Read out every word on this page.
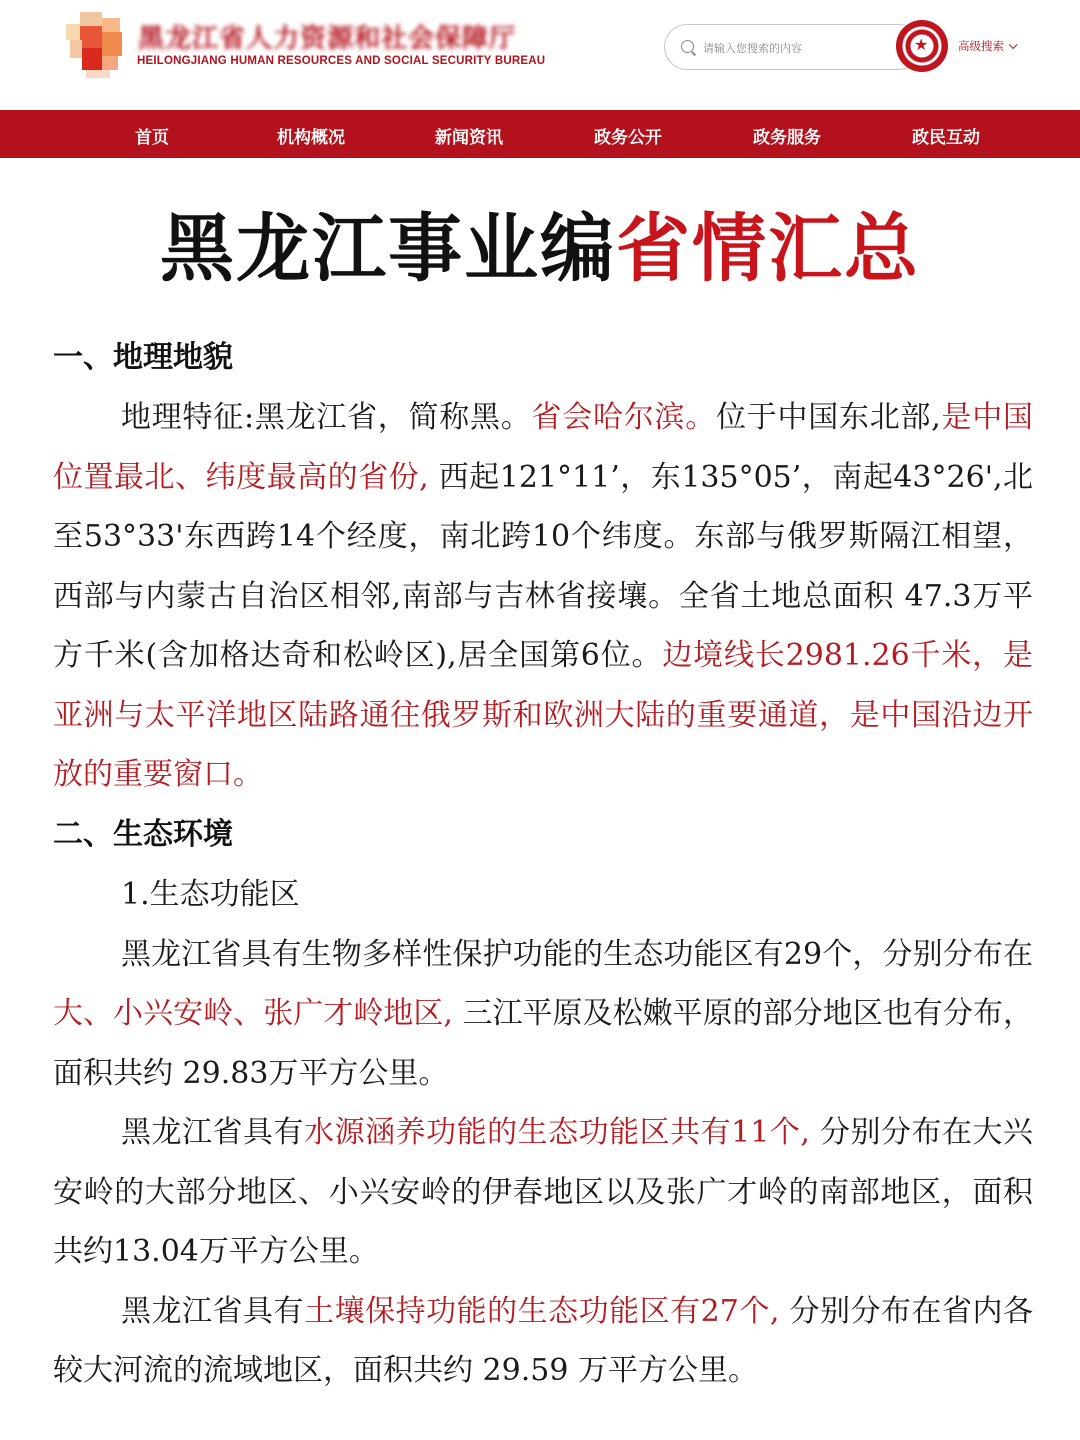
黑龙江省人力资源和社会保障厅
HEILONGJIANG HUMAN RESOURCES AND SOCIAL SECURITY BUREAU
请输入您搜索的内容
★	高级搜索
首页	机构概况	新闻资讯	政务公开	政务服务	政民互动
黑龙江事业编省情汇总
一、地理地貌

地理特征:黑龙江省，简称黑。省会哈尔滨。位于中国东北部,是中国位置最北、纬度最高的省份, 西起121°11’，东135°05’，南起43°26',北至53°33'东西跨14个经度，南北跨10个纬度。东部与俄罗斯隔江相望，西部与内蒙古自治区相邻,南部与吉林省接壤。全省土地总面积 47.3万平方千米(含加格达奇和松岭区),居全国第6位。边境线长2981.26千米，是亚洲与太平洋地区陆路通往俄罗斯和欧洲大陆的重要通道，是中国沿边开放的重要窗口。

二、生态环境
1.生态功能区

黑龙江省具有生物多样性保护功能的生态功能区有29个，分别分布在大、小兴安岭、张广才岭地区, 三江平原及松嫩平原的部分地区也有分布，面积共约 29.83万平方公里。

黑龙江省具有水源涵养功能的生态功能区共有11个, 分别分布在大兴安岭的大部分地区、小兴安岭的伊春地区以及张广才岭的南部地区，面积共约13.04万平方公里。

黑龙江省具有土壤保持功能的生态功能区有27个, 分别分布在省内各较大河流的流域地区，面积共约 29.59 万平方公里。
